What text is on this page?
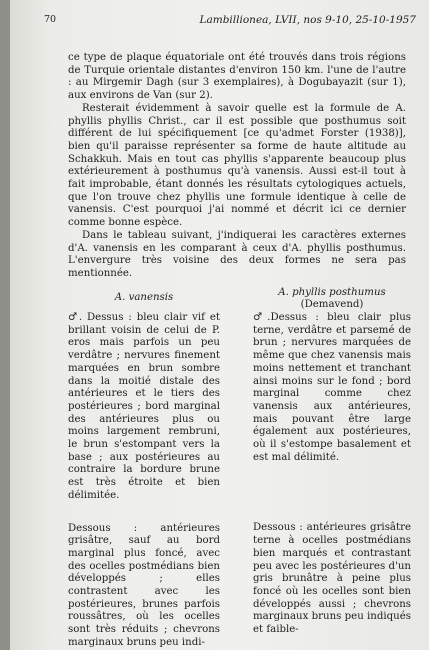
70	Lambillionea, LVII, nos 9-10, 25-10-1957

ce type de plaque équatoriale ont été trouvés dans trois régions de Turquie orientale distantes d'environ 150 km. l'une de l'autre : au Mirgemir Dagh (sur 3 exemplaires), à Dogubayazit (sur 1), aux environs de Van (sur 2).

Resterait évidemment à savoir quelle est la formule de A. phyllis phyllis Christ., car il est possible que posthumus soit différent de lui spécifiquement [ce qu'admet Forster (1938)], bien qu'il paraisse représenter sa forme de haute altitude au Schakkuh. Mais en tout cas phyllis s'apparente beaucoup plus extérieurement à posthumus qu'à vanensis. Aussi est-il tout à fait improbable, étant donnés les résultats cytologiques actuels, que l'on trouve chez phyllis une formule identique à celle de vanensis. C'est pourquoi j'ai nommé et décrit ici ce dernier comme bonne espèce.

Dans le tableau suivant, j'indiquerai les caractères externes d'A. vanensis en les comparant à ceux d'A. phyllis posthumus. L'envergure très voisine des deux formes ne sera pas mentionnée.

A. vanensis	A. phyllis posthumus
(Demavend)

♂. Dessus : bleu clair vif et brillant voisin de celui de P. eros mais parfois un peu verdâtre ; nervures finement marquées en brun sombre dans la moitié distale des antérieures et le tiers des postérieures ; bord marginal des antérieures plus ou moins largement rembruni, le brun s'estompant vers la base ; aux postérieures au contraire la bordure brune est très étroite et bien délimitée.

Dessous : antérieures grisâtre, sauf au bord marginal plus foncé, avec des ocelles postmédians bien développés ; elles contrastent avec les postérieures, brunes parfois roussâtres, où les ocelles sont très réduits ; chevrons marginaux bruns peu indi-

♂.Dessus : bleu clair plus terne, verdâtre et parsemé de brun ; nervures marquées de même que chez vanensis mais moins nettement et tranchant ainsi moins sur le fond ; bord marginal comme chez vanensis aux antérieures, mais pouvant être large également aux postérieures, où il s'estompe basalement et est mal délimité.

Dessous : antérieures grisâtre terne à ocelles postmédians bien marqués et contrastant peu avec les postérieures d'un gris brunâtre à peine plus foncé où les ocelles sont bien développés aussi ; chevrons marginaux bruns peu indiqués et faible-
